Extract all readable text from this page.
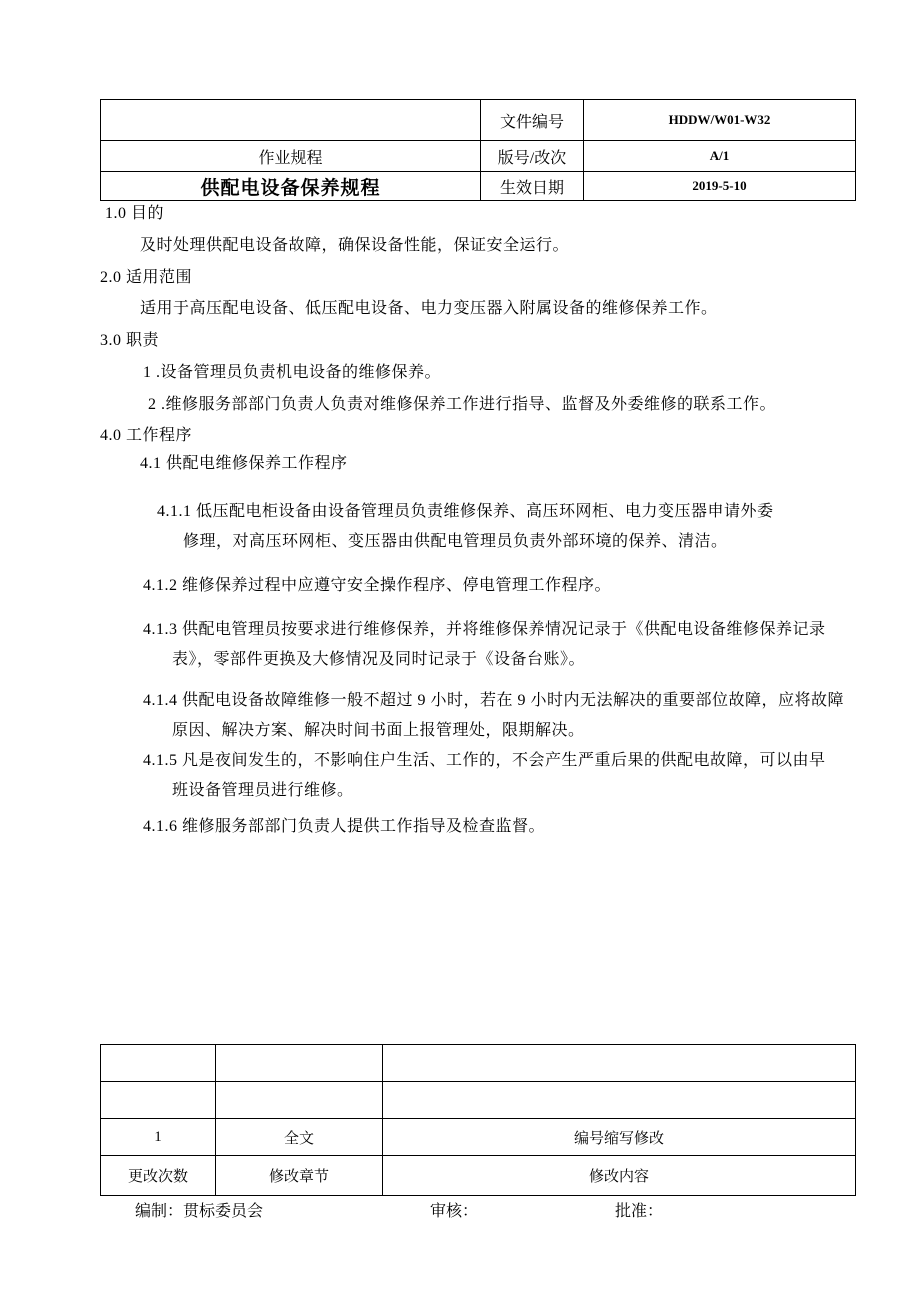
	文件编号	HDDW/W01-W32
作业规程	版号/改次	A/1
供配电设备保养规程	生效日期	2019-5-10
1.0 目的
及时处理供配电设备故障，确保设备性能，保证安全运行。
2.0 适用范围
适用于高压配电设备、低压配电设备、电力变压器入附属设备的维修保养工作。
3.0 职责
1 .设备管理员负责机电设备的维修保养。
2 .维修服务部部门负责人负责对维修保养工作进行指导、监督及外委维修的联系工作。
4.0 工作程序
4.1 供配电维修保养工作程序
4.1.1 低压配电柜设备由设备管理员负责维修保养、高压环网柜、电力变压器申请外委
修理，对高压环网柜、变压器由供配电管理员负责外部环境的保养、清洁。
4.1.2 维修保养过程中应遵守安全操作程序、停电管理工作程序。
4.1.3 供配电管理员按要求进行维修保养，并将维修保养情况记录于《供配电设备维修保养记录
表》，零部件更换及大修情况及同时记录于《设备台账》。
4.1.4 供配电设备故障维修一般不超过 9 小时，若在 9 小时内无法解决的重要部位故障，应将故障
原因、解决方案、解决时间书面上报管理处，限期解决。
4.1.5 凡是夜间发生的，不影响住户生活、工作的，不会产生严重后果的供配电故障，可以由早
班设备管理员进行维修。
4.1.6 维修服务部部门负责人提供工作指导及检查监督。

1	全文	编号缩写修改
更改次数	修改章节	修改内容
编制：贯标委员会	审核：	批准：
